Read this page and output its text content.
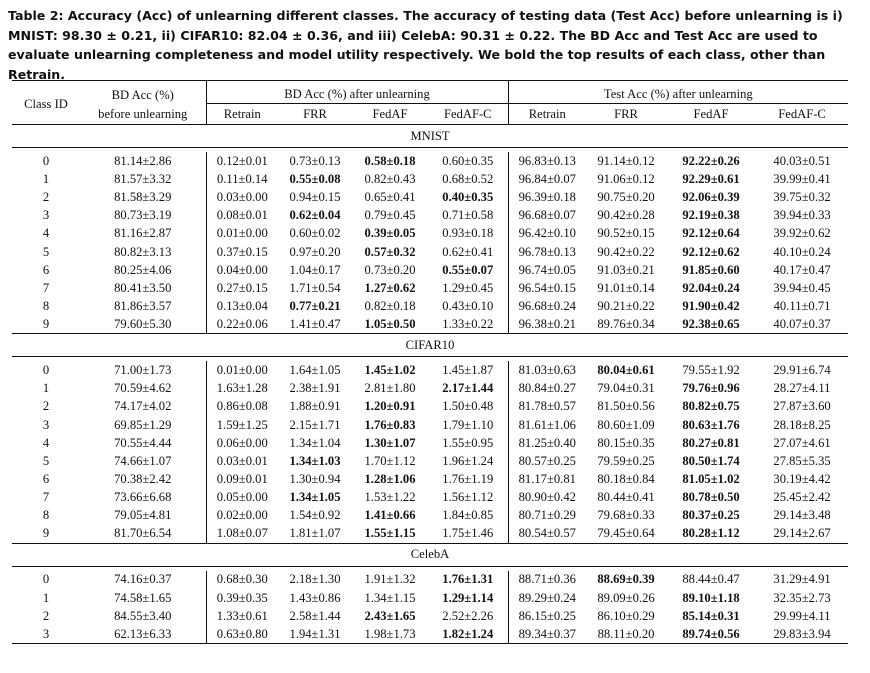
Table 2: Accuracy (Acc) of unlearning different classes. The accuracy of testing data (Test Acc) before unlearning is i) MNIST: 98.30 ± 0.21, ii) CIFAR10: 82.04 ± 0.36, and iii) CelebA: 90.31 ± 0.22. The BD Acc and Test Acc are used to evaluate unlearning completeness and model utility respectively. We bold the top results of each class, other than Retrain.
Class ID	BD Acc (%)	BD Acc (%) after unlearning				Test Acc (%) after unlearning			
	before unlearning	Retrain	FRR	FedAF	FedAF-C	Retrain	FRR	FedAF	FedAF-C
MNIST									

0	81.14±2.86	0.12±0.01	0.73±0.13	0.58±0.18	0.60±0.35	96.83±0.13	91.14±0.12	92.22±0.26	40.03±0.51
1	81.57±3.32	0.11±0.14	0.55±0.08	0.82±0.43	0.68±0.52	96.84±0.07	91.06±0.12	92.29±0.61	39.99±0.41
2	81.58±3.29	0.03±0.00	0.94±0.15	0.65±0.41	0.40±0.35	96.39±0.18	90.75±0.20	92.06±0.39	39.75±0.32
3	80.73±3.19	0.08±0.01	0.62±0.04	0.79±0.45	0.71±0.58	96.68±0.07	90.42±0.28	92.19±0.38	39.94±0.33
4	81.16±2.87	0.01±0.00	0.60±0.02	0.39±0.05	0.93±0.18	96.42±0.10	90.52±0.15	92.12±0.64	39.92±0.62
5	80.82±3.13	0.37±0.15	0.97±0.20	0.57±0.32	0.62±0.41	96.78±0.13	90.42±0.22	92.12±0.62	40.10±0.24
6	80.25±4.06	0.04±0.00	1.04±0.17	0.73±0.20	0.55±0.07	96.74±0.05	91.03±0.21	91.85±0.60	40.17±0.47
7	80.41±3.50	0.27±0.15	1.71±0.54	1.27±0.62	1.29±0.45	96.54±0.15	91.01±0.14	92.04±0.24	39.94±0.45
8	81.86±3.57	0.13±0.04	0.77±0.21	0.82±0.18	0.43±0.10	96.68±0.24	90.21±0.22	91.90±0.42	40.11±0.71
9	79.60±5.30	0.22±0.06	1.41±0.47	1.05±0.50	1.33±0.22	96.38±0.21	89.76±0.34	92.38±0.65	40.07±0.37
CIFAR10									

0	71.00±1.73	0.01±0.00	1.64±1.05	1.45±1.02	1.45±1.87	81.03±0.63	80.04±0.61	79.55±1.92	29.91±6.74
1	70.59±4.62	1.63±1.28	2.38±1.91	2.81±1.80	2.17±1.44	80.84±0.27	79.04±0.31	79.76±0.96	28.27±4.11
2	74.17±4.02	0.86±0.08	1.88±0.91	1.20±0.91	1.50±0.48	81.78±0.57	81.50±0.56	80.82±0.75	27.87±3.60
3	69.85±1.29	1.59±1.25	2.15±1.71	1.76±0.83	1.79±1.10	81.61±1.06	80.60±1.09	80.63±1.76	28.18±8.25
4	70.55±4.44	0.06±0.00	1.34±1.04	1.30±1.07	1.55±0.95	81.25±0.40	80.15±0.35	80.27±0.81	27.07±4.61
5	74.66±1.07	0.03±0.01	1.34±1.03	1.70±1.12	1.96±1.24	80.57±0.25	79.59±0.25	80.50±1.74	27.85±5.35
6	70.38±2.42	0.09±0.01	1.30±0.94	1.28±1.06	1.76±1.19	81.17±0.81	80.18±0.84	81.05±1.02	30.19±4.42
7	73.66±6.68	0.05±0.00	1.34±1.05	1.53±1.22	1.56±1.12	80.90±0.42	80.44±0.41	80.78±0.50	25.45±2.42
8	79.05±4.81	0.02±0.00	1.54±0.92	1.41±0.66	1.84±0.85	80.71±0.29	79.68±0.33	80.37±0.25	29.14±3.48
9	81.70±6.54	1.08±0.07	1.81±1.07	1.55±1.15	1.75±1.46	80.54±0.57	79.45±0.64	80.28±1.12	29.14±2.67
CelebA									

0	74.16±0.37	0.68±0.30	2.18±1.30	1.91±1.32	1.76±1.31	88.71±0.36	88.69±0.39	88.44±0.47	31.29±4.91
1	74.58±1.65	0.39±0.35	1.43±0.86	1.34±1.15	1.29±1.14	89.29±0.24	89.09±0.26	89.10±1.18	32.35±2.73
2	84.55±3.40	1.33±0.61	2.58±1.44	2.43±1.65	2.52±2.26	86.15±0.25	86.10±0.29	85.14±0.31	29.99±4.11
3	62.13±6.33	0.63±0.80	1.94±1.31	1.98±1.73	1.82±1.24	89.34±0.37	88.11±0.20	89.74±0.56	29.83±3.94
